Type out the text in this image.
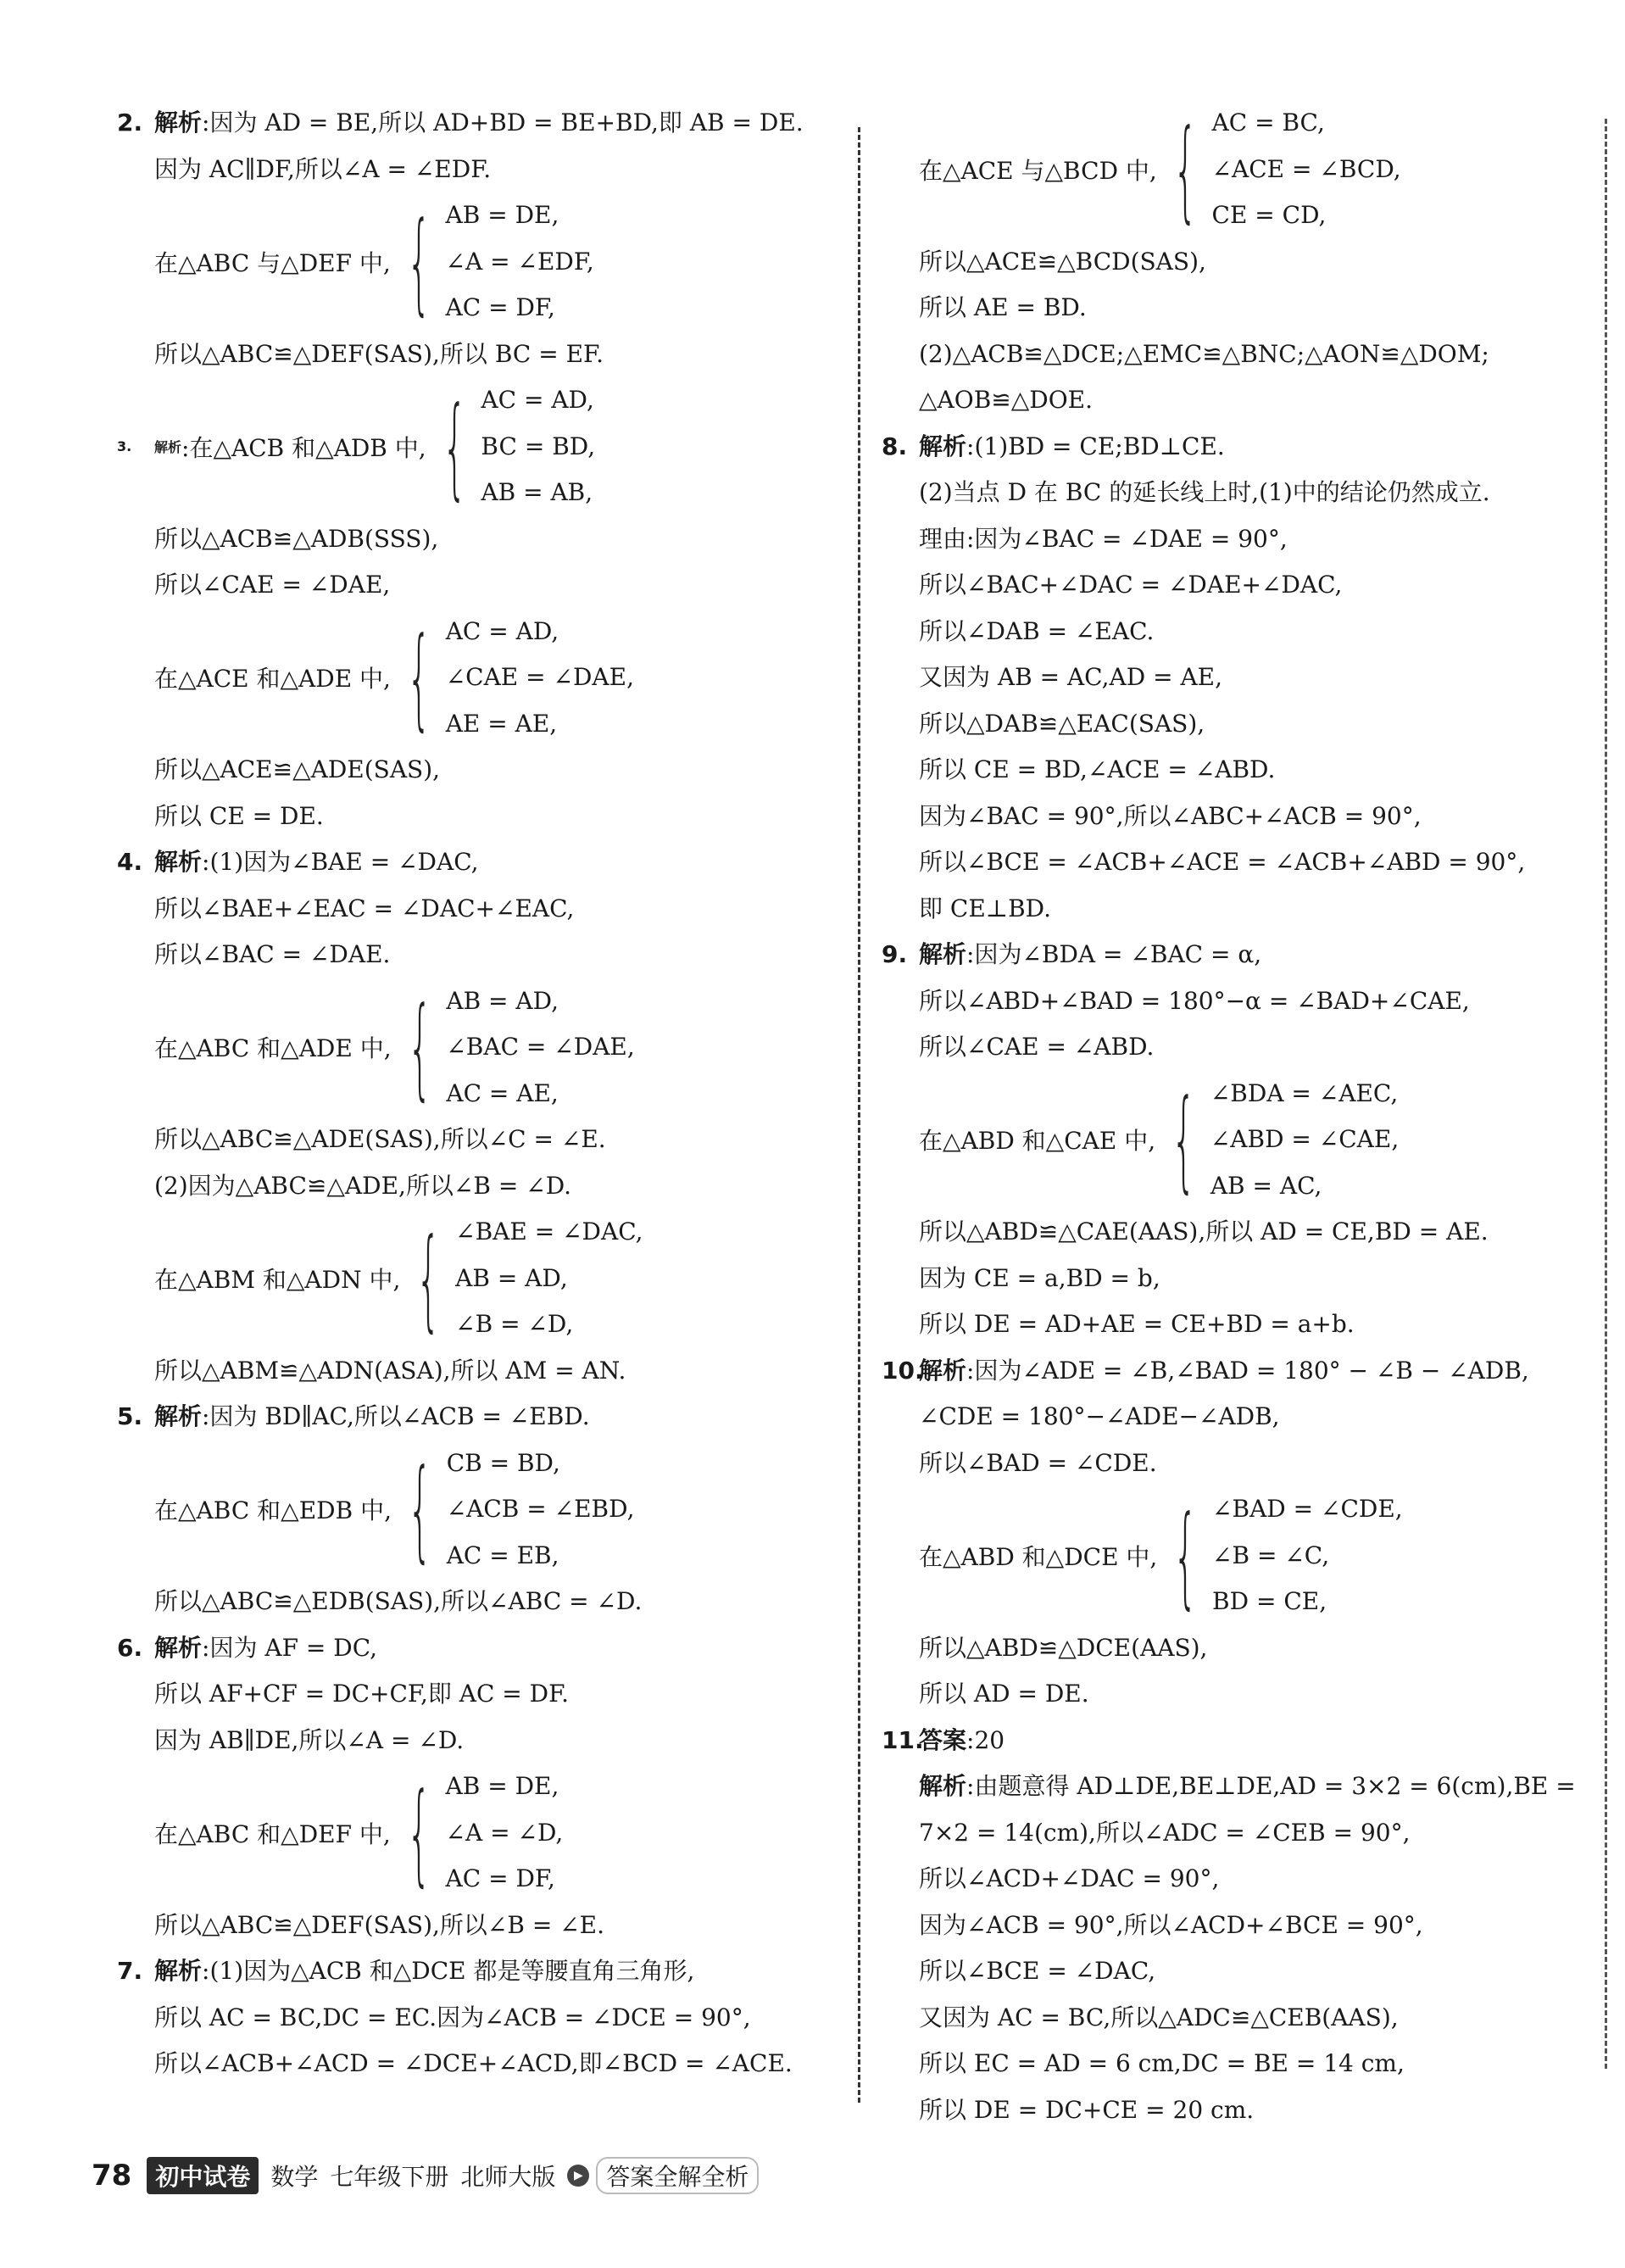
2. 解析:因为 AD = BE,所以 AD+BD = BE+BD,即 AB = DE.
因为 AC∥DF,所以∠A = ∠EDF.
在△ABC 与△DEF 中, { AB = DE,
∠A = ∠EDF,
AC = DF,
所以△ABC≌△DEF(SAS),所以 BC = EF.
3.	解析 :在△ACB 和△ADB 中, { AC = AD,
BC = BD,
AB = AB,
所以△ACB≌△ADB(SSS),
所以∠CAE = ∠DAE,
在△ACE 和△ADE 中, { AC = AD,
∠CAE = ∠DAE,
AE = AE,
所以△ACE≌△ADE(SAS),
所以 CE = DE.
4. 解析:(1)因为∠BAE = ∠DAC,
所以∠BAE+∠EAC = ∠DAC+∠EAC,
所以∠BAC = ∠DAE.
在△ABC 和△ADE 中, { AB = AD,
∠BAC = ∠DAE,
AC = AE,
所以△ABC≌△ADE(SAS),所以∠C = ∠E.
(2)因为△ABC≌△ADE,所以∠B = ∠D.
在△ABM 和△ADN 中, { ∠BAE = ∠DAC,
AB = AD,
∠B = ∠D,
所以△ABM≌△ADN(ASA),所以 AM = AN.
5. 解析:因为 BD∥AC,所以∠ACB = ∠EBD.
在△ABC 和△EDB 中, { CB = BD,
∠ACB = ∠EBD,
AC = EB,
所以△ABC≌△EDB(SAS),所以∠ABC = ∠D.
6. 解析:因为 AF = DC,
所以 AF+CF = DC+CF,即 AC = DF.
因为 AB∥DE,所以∠A = ∠D.
在△ABC 和△DEF 中, { AB = DE,
∠A = ∠D,
AC = DF,
所以△ABC≌△DEF(SAS),所以∠B = ∠E.
7. 解析:(1)因为△ACB 和△DCE 都是等腰直角三角形,
所以 AC = BC,DC = EC.因为∠ACB = ∠DCE = 90°,
所以∠ACB+∠ACD = ∠DCE+∠ACD,即∠BCD = ∠ACE.
在△ACE 与△BCD 中, { AC = BC,
∠ACE = ∠BCD,
CE = CD,
所以△ACE≌△BCD(SAS),
所以 AE = BD.
(2)△ACB≌△DCE;△EMC≌△BNC;△AON≌△DOM;
△AOB≌△DOE.
8. 解析:(1)BD = CE;BD⊥CE.
(2)当点 D 在 BC 的延长线上时,(1)中的结论仍然成立.
理由:因为∠BAC = ∠DAE = 90°,
所以∠BAC+∠DAC = ∠DAE+∠DAC,
所以∠DAB = ∠EAC.
又因为 AB = AC,AD = AE,
所以△DAB≌△EAC(SAS),
所以 CE = BD,∠ACE = ∠ABD.
因为∠BAC = 90°,所以∠ABC+∠ACB = 90°,
所以∠BCE = ∠ACB+∠ACE = ∠ACB+∠ABD = 90°,
即 CE⊥BD.
9. 解析:因为∠BDA = ∠BAC = α,
所以∠ABD+∠BAD = 180°−α = ∠BAD+∠CAE,
所以∠CAE = ∠ABD.
在△ABD 和△CAE 中, { ∠BDA = ∠AEC,
∠ABD = ∠CAE,
AB = AC,
所以△ABD≌△CAE(AAS),所以 AD = CE,BD = AE.
因为 CE = a,BD = b,
所以 DE = AD+AE = CE+BD = a+b.
10.解析:因为∠ADE = ∠B,∠BAD = 180° − ∠B − ∠ADB,
∠CDE = 180°−∠ADE−∠ADB,
所以∠BAD = ∠CDE.
在△ABD 和△DCE 中, { ∠BAD = ∠CDE,
∠B = ∠C,
BD = CE,
所以△ABD≌△DCE(AAS),
所以 AD = DE.
11.答案:20
解析:由题意得 AD⊥DE,BE⊥DE,AD = 3×2 = 6(cm),BE =
7×2 = 14(cm),所以∠ADC = ∠CEB = 90°,
所以∠ACD+∠DAC = 90°,
因为∠ACB = 90°,所以∠ACD+∠BCE = 90°,
所以∠BCE = ∠DAC,
又因为 AC = BC,所以△ADC≌△CEB(AAS),
所以 EC = AD = 6 cm,DC = BE = 14 cm,
所以 DE = DC+CE = 20 cm.
78	初中试卷 数学 七年级下册 北师大版	▶ 答案全解全析
